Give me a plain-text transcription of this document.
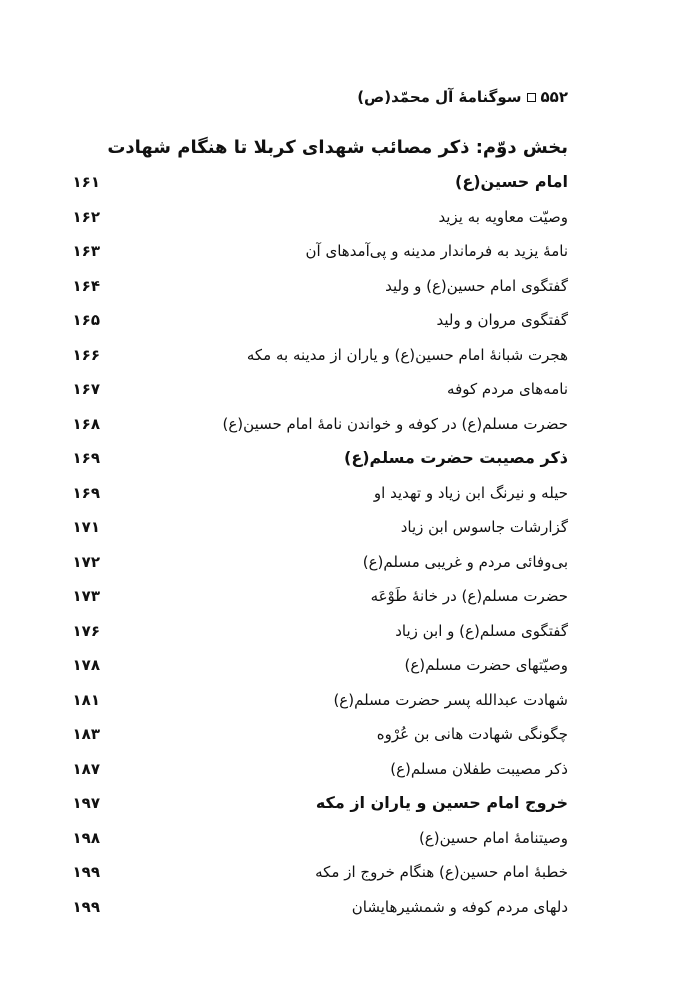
۵۵۲
سوگنامهٔ آل محمّد(ص)
بخش دوّم: ذکر مصائب شهدای کربلا تا هنگام شهادت
امام حسین(ع)
۱۶۱
وصیّت معاویه به یزید
۱۶۲
نامهٔ یزید به فرماندار مدینه و پی‌آمدهای آن
۱۶۳
گفتگوی امام حسین(ع) و ولید
۱۶۴
گفتگوی مروان و ولید
۱۶۵
هجرت شبانهٔ امام حسین(ع) و یاران از مدینه به مکه
۱۶۶
نامه‌های مردم کوفه
۱۶۷
حضرت مسلم(ع) در کوفه و خواندن نامهٔ امام حسین(ع)
۱۶۸
ذکر مصیبت حضرت مسلم(ع)
۱۶۹
حیله و نیرنگ ابن زیاد و تهدید او
۱۶۹
گزارشات جاسوس ابن زیاد
۱۷۱
بی‌وفائی مردم و غریبی مسلم(ع)
۱۷۲
حضرت مسلم(ع) در خانهٔ طَوْعَه
۱۷۳
گفتگوی مسلم(ع) و ابن زیاد
۱۷۶
وصیّتهای حضرت مسلم(ع)
۱۷۸
شهادت عبدالله پسر حضرت مسلم(ع)
۱۸۱
چگونگی شهادت هانی بن عُرْوه
۱۸۳
ذکر مصیبت طفلان مسلم(ع)
۱۸۷
خروج امام حسین و یاران از مکه
۱۹۷
وصیتنامهٔ امام حسین(ع)
۱۹۸
خطبهٔ امام حسین(ع) هنگام خروج از مکه
۱۹۹
دلهای مردم کوفه و شمشیرهایشان
۱۹۹
